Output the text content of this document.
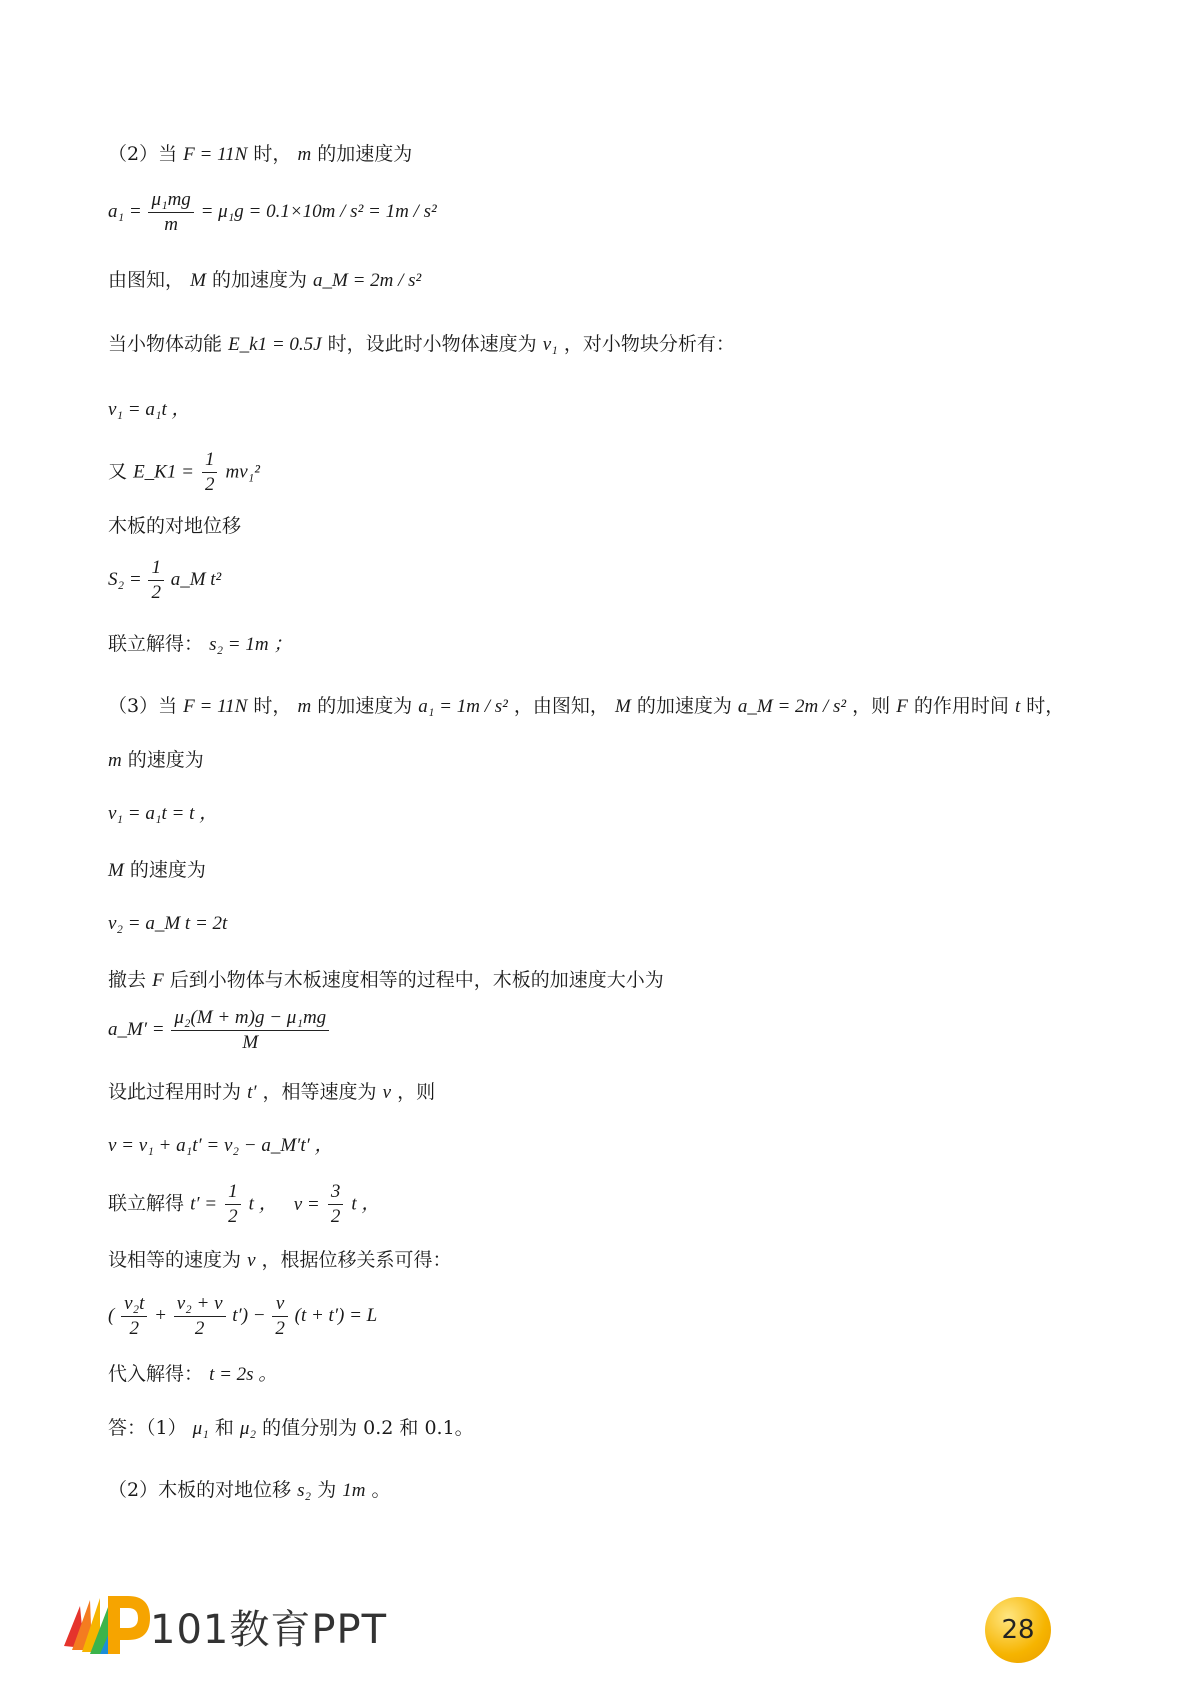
（2）当 F = 11N 时， m 的加速度为
$a_1 = \frac{\text{μ₁mg}}{m} = \mu_1g = 0.1\times 10m / s^2 = 1m / s^2$
由图知， M 的加速度为 a_M = 2m / s²
当小物体动能 E_k1 = 0.5J 时，设此时小物体速度为 v₁ ，对小物块分析有：
v₁ = a₁t ，
又 E_K1 = $\frac{1}{2} mv_1^2$
木板的对地位移
$S_2 = \frac{1}{2}$ a_M t²
联立解得： s₂ = 1m ；
（3）当 F = 11N 时， m 的加速度为 a₁ = 1m / s² ，由图知， M 的加速度为 a_M = 2m / s² ，则 F 的作用时间 t 时，
m 的速度为
v₁ = a₁t = t ，
M 的速度为
v₂ = a_M t = 2t
撤去 F 后到小物体与木板速度相等的过程中，木板的加速度大小为
a_M′ = $\frac{\text{μ₂(M + m)g − μ₁mg}}{M}$
设此过程用时为 t′ ，相等速度为 v ，则
v = v₁ + a₁t′ = v₂ − a_M′t′ ，
联立解得 $t' = \frac{1}{2}$ t ， $v = \frac{3}{2}$ t ，
设相等的速度为 v ，根据位移关系可得：
( $\frac{\text{v₂t}}{2} + \frac{\text{v₂ + v}}{2} t') - \frac{v}{2} (t + t') = L$
代入解得： t = 2s 。
答：（1） μ₁ 和 μ₂ 的值分别为 0.2 和 0.1。
（2）木板的对地位移 s₂ 为 1m 。
101教育PPT	28
